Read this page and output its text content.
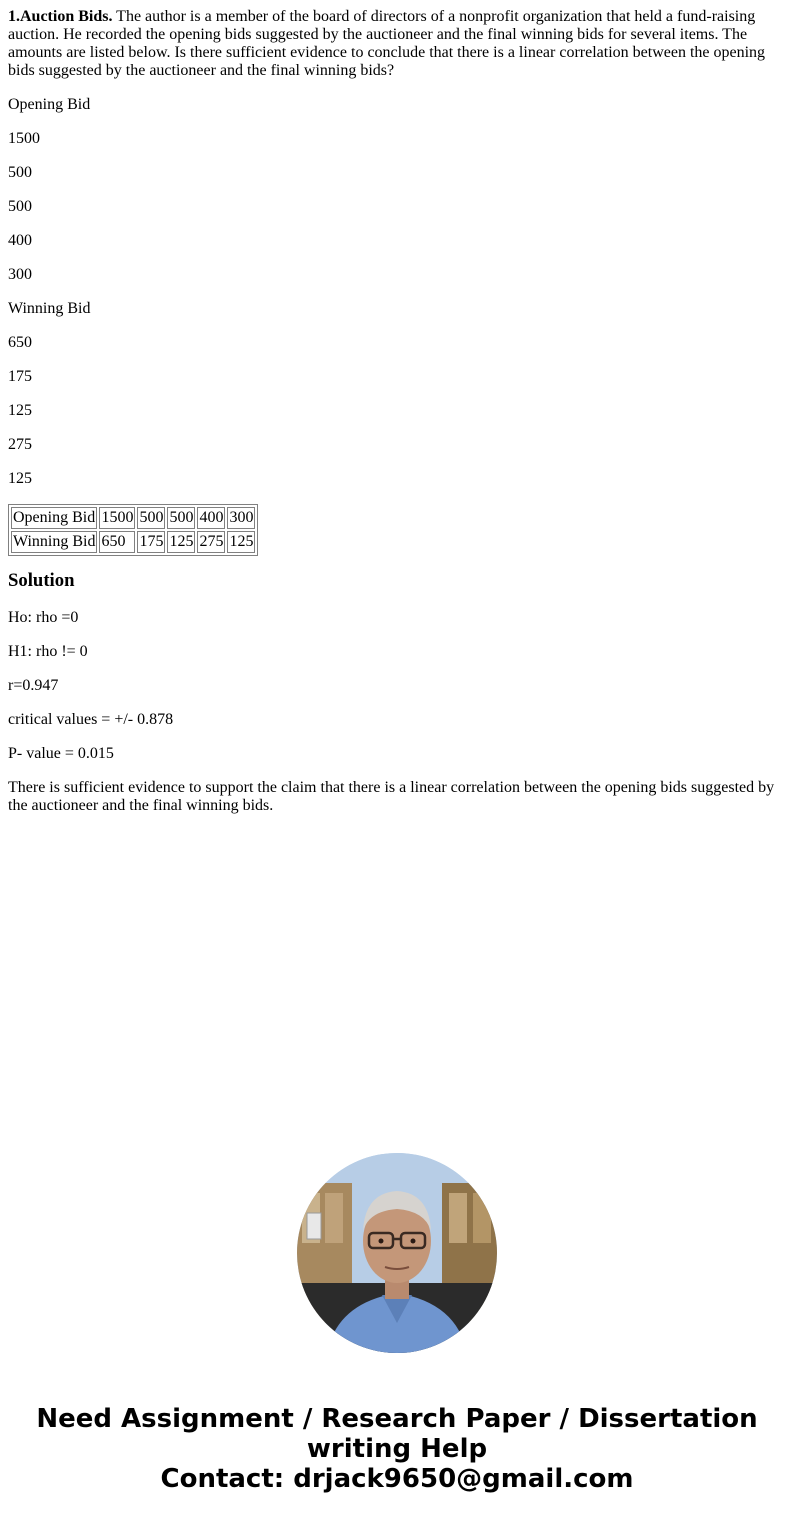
1.Auction Bids. The author is a member of the board of directors of a nonprofit organization that held a fund-raising auction. He recorded the opening bids suggested by the auctioneer and the final winning bids for several items. The amounts are listed below. Is there sufficient evidence to conclude that there is a linear correlation between the opening bids suggested by the auctioneer and the final winning bids?

Opening Bid

1500

500

500

400

300

Winning Bid

650

175

125

275

125

Opening Bid	1500	500	500	400	300
Winning Bid	650	175	125	275	125
Solution

Ho: rho =0

H1: rho != 0

r=0.947

critical values = +/- 0.878

P- value = 0.015

There is sufficient evidence to support the claim that there is a linear correlation between the opening bids suggested by the auctioneer and the final winning bids.

Need Assignment / Research Paper / Dissertation
writing Help
Contact: drjack9650@gmail.com
